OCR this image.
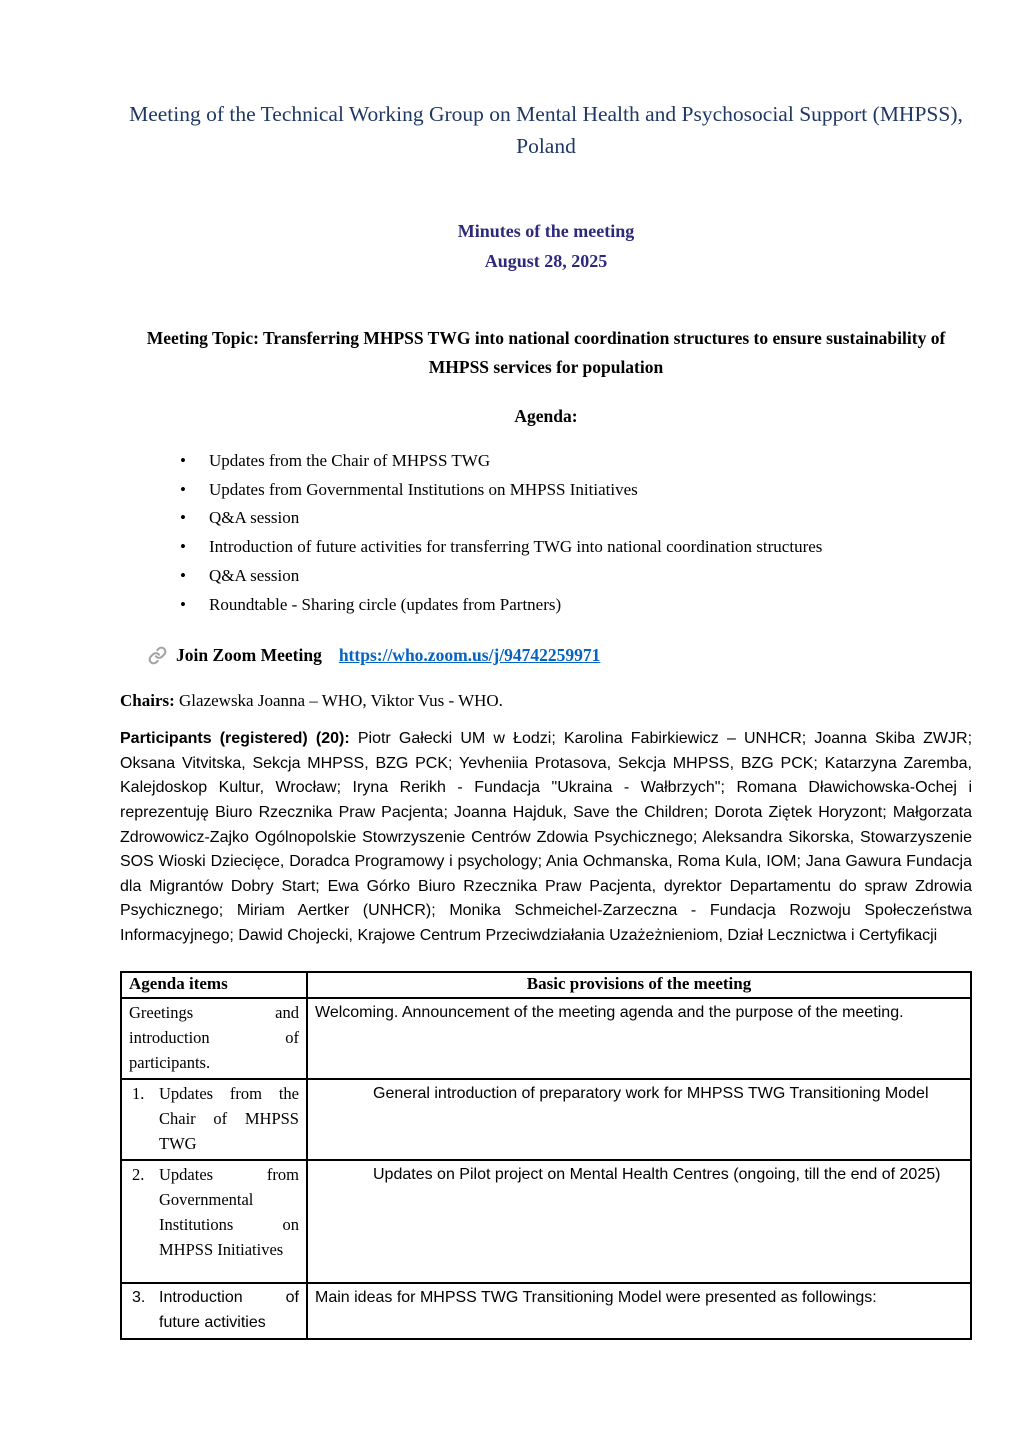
Meeting of the Technical Working Group on Mental Health and Psychosocial Support (MHPSS), Poland
Minutes of the meeting
August 28, 2025

Meeting Topic: Transferring MHPSS TWG into national coordination structures to ensure sustainability of MHPSS services for population

Agenda:
• Updates from the Chair of MHPSS TWG
• Updates from Governmental Institutions on MHPSS Initiatives
• Q&A session
• Introduction of future activities for transferring TWG into national coordination structures
• Q&A session
• Roundtable - Sharing circle (updates from Partners)
Join Zoom Meeting https://who.zoom.us/j/94742259971

Chairs: Glazewska Joanna – WHO, Viktor Vus - WHO.

Participants (registered) (20): Piotr Gałecki UM w Łodzi; Karolina Fabirkiewicz – UNHCR; Joanna Skiba ZWJR; Oksana Vitvitska, Sekcja MHPSS, BZG PCK; Yevheniia Protasova, Sekcja MHPSS, BZG PCK; Katarzyna Zaremba, Kalejdoskop Kultur, Wrocław; Iryna Rerikh - Fundacja "Ukraina - Wałbrzych"; Romana Dławichowska-Ochej i reprezentuję Biuro Rzecznika Praw Pacjenta; Joanna Hajduk, Save the Children; Dorota Ziętek Horyzont; Małgorzata Zdrowowicz-Zajko Ogólnopolskie Stowrzyszenie Centrów Zdowia Psychicznego; Aleksandra Sikorska, Stowarzyszenie SOS Wioski Dziecięce, Doradca Programowy i psychology; Ania Ochmanska, Roma Kula, IOM; Jana Gawura Fundacja dla Migrantów Dobry Start; Ewa Górko Biuro Rzecznika Praw Pacjenta, dyrektor Departamentu do spraw Zdrowia Psychicznego; Miriam Aertker (UNHCR); Monika Schmeichel-Zarzeczna - Fundacja Rozwoju Społeczeństwa Informacyjnego; Dawid Chojecki, Krajowe Centrum Przeciwdziałania Uzażeżnieniom, Dział Lecznictwa i Certyfikacji

Agenda items	Basic provisions of the meeting
Greetings and introduction of participants.	Welcoming. Announcement of the meeting agenda and the purpose of the meeting.

1. Updates from the Chair of MHPSS TWG	General introduction of preparatory work for MHPSS TWG Transitioning Model

2. Updates from Governmental Institutions on MHPSS Initiatives	Updates on Pilot project on Mental Health Centres (ongoing, till the end of 2025)

3. Introduction of future activities	Main ideas for MHPSS TWG Transitioning Model were presented as followings:
